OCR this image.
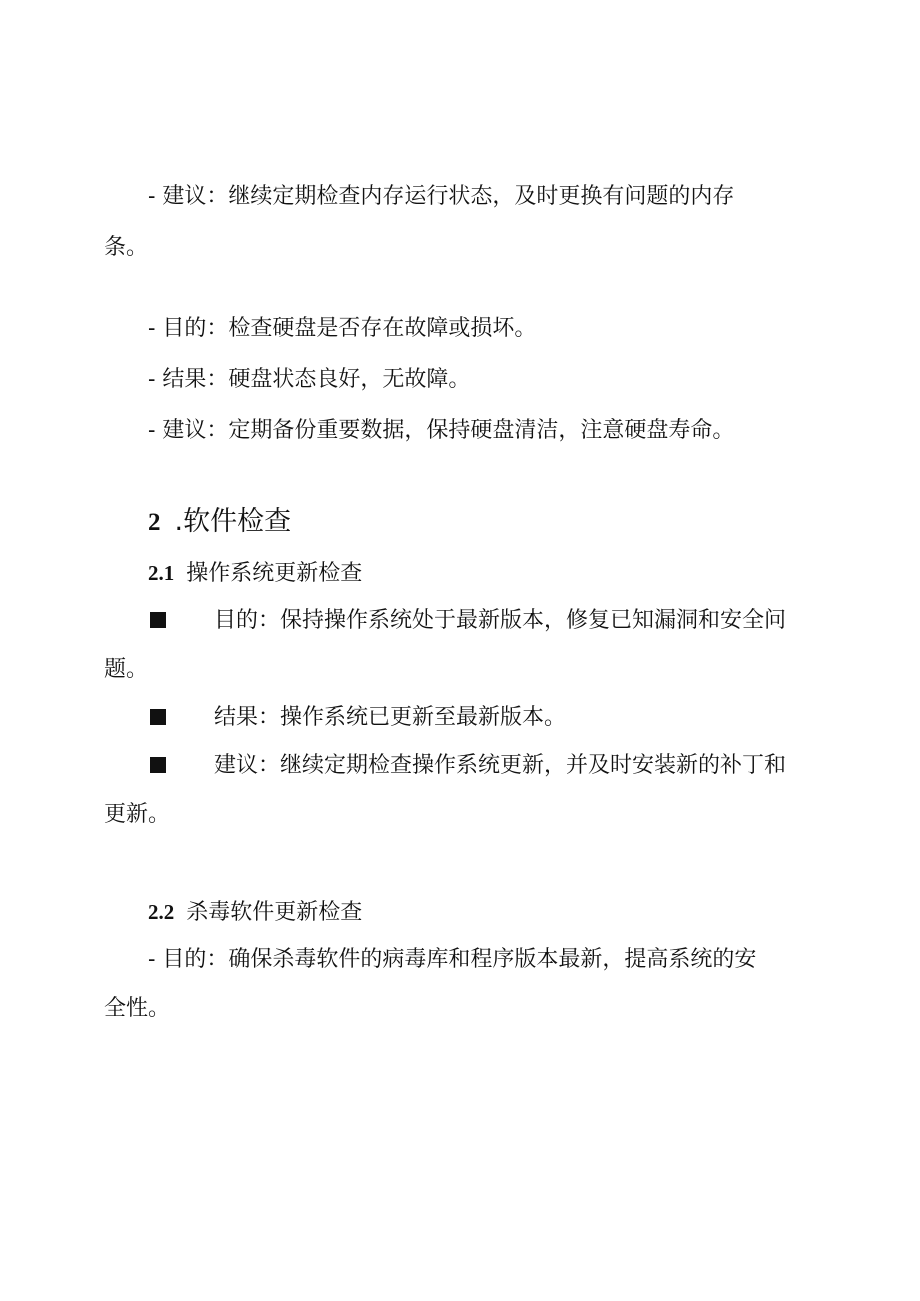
- 建议：继续定期检查内存运行状态，及时更换有问题的内存
条。
- 目的：检查硬盘是否存在故障或损坏。
- 结果：硬盘状态良好，无故障。
- 建议：定期备份重要数据，保持硬盘清洁，注意硬盘寿命。
2 .软件检查
2.1 操作系统更新检查
目的：保持操作系统处于最新版本，修复已知漏洞和安全问
题。
结果：操作系统已更新至最新版本。
建议：继续定期检查操作系统更新，并及时安装新的补丁和
更新。
2.2 杀毒软件更新检查
- 目的：确保杀毒软件的病毒库和程序版本最新，提高系统的安
全性。
